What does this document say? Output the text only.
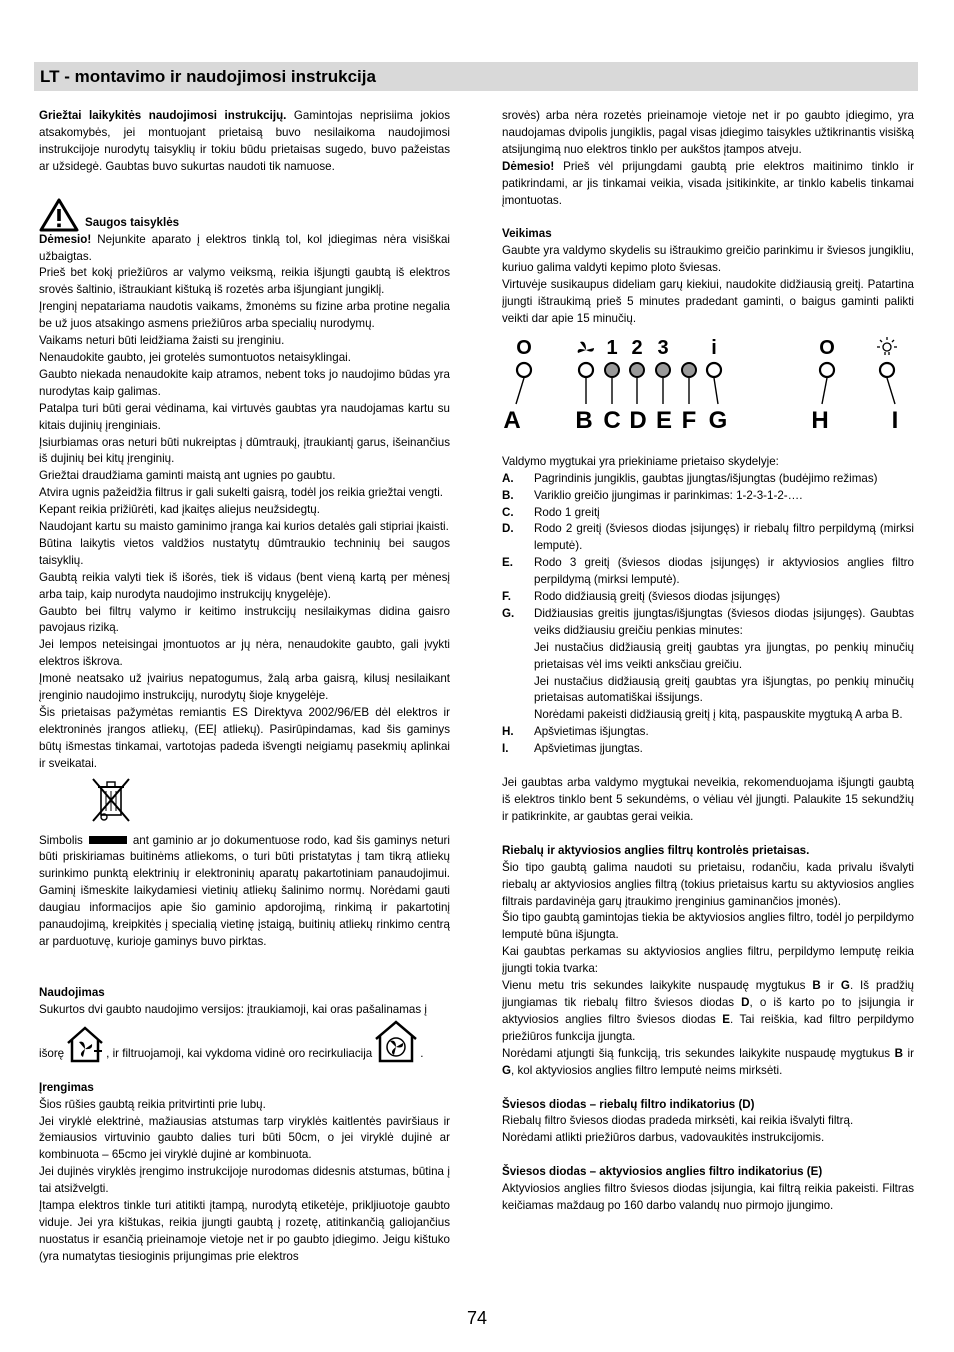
LT - montavimo ir naudojimosi instrukcija

Griežtai laikykitės naudojimosi instrukcijų. Gamintojas neprisiima jokios atsakomybės, jei montuojant prietaisą buvo nesilaikoma naudojimosi instrukcijoje nurodytų taisyklių ir tokiu būdu prietaisas sugedo, buvo pažeistas ar užsidegė. Gaubtas buvo sukurtas naudoti tik namuose.

Saugos taisyklės

Dėmesio! Nejunkite aparato į elektros tinklą tol, kol įdiegimas nėra visiškai užbaigtas.

Prieš bet kokį priežiūros ar valymo veiksmą, reikia išjungti gaubtą iš elektros srovės šaltinio, ištraukiant kištuką iš rozetės arba išjungiant jungiklį.

Įrenginį nepatariama naudotis vaikams, žmonėms su fizine arba protine negalia be už juos atsakingo asmens priežiūros arba specialių nurodymų.

Vaikams neturi būti leidžiama žaisti su įrenginiu.

Nenaudokite gaubto, jei grotelės sumontuotos netaisyklingai.

Gaubto niekada nenaudokite kaip atramos, nebent toks jo naudojimo būdas yra nurodytas kaip galimas.

Patalpa turi būti gerai vėdinama, kai virtuvės gaubtas yra naudojamas kartu su kitais dujinių įrenginiais.

Įsiurbiamas oras neturi būti nukreiptas į dūmtraukį, įtraukiantį garus, išeinančius iš dujinių bei kitų įrenginių.

Griežtai draudžiama gaminti maistą ant ugnies po gaubtu.

Atvira ugnis pažeidžia filtrus ir gali sukelti gaisrą, todėl jos reikia griežtai vengti.

Kepant reikia prižiūrėti, kad įkaitęs aliejus neužsidegtų.

Naudojant kartu su maisto gaminimo įranga kai kurios detalės gali stipriai įkaisti.

Būtina laikytis vietos valdžios nustatytų dūmtraukio techninių bei saugos taisyklių.

Gaubtą reikia valyti tiek iš išorės, tiek iš vidaus (bent vieną kartą per mėnesį arba taip, kaip nurodyta naudojimo instrukcijų knygelėje).

Gaubto bei filtrų valymo ir keitimo instrukcijų nesilaikymas didina gaisro pavojaus riziką.

Jei lempos neteisingai įmontuotos ar jų nėra, nenaudokite gaubto, gali įvykti elektros iškrova.

Įmonė neatsako už įvairius nepatogumus, žalą arba gaisrą, kilusį nesilaikant įrenginio naudojimo instrukcijų, nurodytų šioje knygelėje.

Šis prietaisas pažymėtas remiantis ES Direktyva 2002/96/EB dėl elektros ir elektroninės įrangos atliekų, (EEĮ atliekų). Pasirūpindamas, kad šis gaminys būtų išmestas tinkamai, vartotojas padeda išvengti neigiamų pasekmių aplinkai ir sveikatai.

Simbolis	ant gaminio ar jo dokumentuose rodo, kad šis gaminys neturi būti priskiriamas buitinėms atliekoms, o turi būti pristatytas į tam tikrą atliekų surinkimo punktą elektrinių ir elektroninių aparatų pakartotiniam panaudojimui. Gaminį išmeskite laikydamiesi vietinių atliekų šalinimo normų. Norėdami gauti daugiau informacijos apie šio gaminio apdorojimą, rinkimą ir pakartotinį panaudojimą, kreipkitės į specialią vietinę įstaigą, buitinių atliekų rinkimo centrą ar parduotuvę, kurioje gaminys buvo pirktas.

Naudojimas

Sukurtos dvi gaubto naudojimo versijos: įtraukiamoji, kai oras pašalinamas į

išorę	, ir filtruojamoji, kai vykdoma vidinė oro recirkuliacija	.

Įrengimas

Šios rūšies gaubtą reikia pritvirtinti prie lubų.

Jei viryklė elektrinė, mažiausias atstumas tarp viryklės kaitlentės paviršiaus ir žemiausios virtuvinio gaubto dalies turi būti 50cm, o jei viryklė dujinė ar kombinuota – 65cmo jei viryklė dujinė ar kombinuota.

Jei dujinės viryklės įrengimo instrukcijoje nurodomas didesnis atstumas, būtina į tai atsižvelgti.

Įtampa elektros tinkle turi atitikti įtampą, nurodytą etiketėje, prikljiuotoje gaubto viduje. Jei yra kištukas, reikia įjungti gaubtą į rozetę, atitinkančią galiojančius nuostatus ir esančią prieinamoje vietoje net ir po gaubto įdiegimo. Jeigu kištuko (yra numatytas tiesioginis prijungimas prie elektros

srovės) arba nėra rozetės prieinamoje vietoje net ir po gaubto įdiegimo, yra naudojamas dvipolis jungiklis, pagal visas įdiegimo taisykles užtikrinantis visišką atsijungimą nuo elektros tinklo per aukštos įtampos atveju.

Dėmesio! Prieš vėl prijungdami gaubtą prie elektros maitinimo tinklo ir patikrindami, ar jis tinkamai veikia, visada įsitikinkite, ar tinklo kabelis tinkamai įmontuotas.

Veikimas

Gaubte yra valdymo skydelis su ištraukimo greičio parinkimu ir šviesos jungikliu, kuriuo galima valdyti kepimo ploto šviesas.

Virtuvėje susikaupus dideliam garų kiekiui, naudokite didžiausią greitį. Patartina įjungti ištraukimą prieš 5 minutes pradedant gaminti, o baigus gaminti palikti veikti dar apie 15 minučių.

O	1 2 3 i	O
A B C D E F G	H	I

Valdymo mygtukai yra priekiniame prietaiso skydelyje:

A.	Pagrindinis jungiklis, gaubtas įjungtas/išjungtas (budėjimo režimas)
B.	Variklio greičio įjungimas ir parinkimas: 1-2-3-1-2-….
C.	Rodo 1 greitį
D.	Rodo 2 greitį (šviesos diodas įsijungęs) ir riebalų filtro perpildymą (mirksi lemputė).
E.	Rodo 3 greitį (šviesos diodas įsijungęs) ir aktyviosios anglies filtro perpildymą (mirksi lemputė).
F.	Rodo didžiausią greitį (šviesos diodas įsijungęs)
G.	Didžiausias greitis įjungtas/išjungtas (šviesos diodas įsijungęs). Gaubtas veiks didžiausiu greičiu penkias minutes:

Jei nustačius didžiausią greitį gaubtas yra įjungtas, po penkių minučių prietaisas vėl ims veikti anksčiau greičiu.

Jei nustačius didžiausią greitį gaubtas yra išjungtas, po penkių minučių prietaisas automatiškai išsijungs.

Norėdami pakeisti didžiausią greitį į kitą, paspauskite mygtuką A arba B.

H.	Apšvietimas išjungtas.
I.	Apšvietimas įjungtas.

Jei gaubtas arba valdymo mygtukai neveikia, rekomenduojama išjungti gaubtą iš elektros tinklo bent 5 sekundėms, o vėliau vėl įjungti. Palaukite 15 sekundžių ir patikrinkite, ar gaubtas gerai veikia.

Riebalų ir aktyviosios anglies filtrų kontrolės prietaisas.

Šio tipo gaubtą galima naudoti su prietaisu, rodančiu, kada privalu išvalyti riebalų ar aktyviosios anglies filtrą (tokius prietaisus kartu su aktyviosios anglies filtrais pardavinėja garų įtraukimo įrenginius gaminančios įmonės).

Šio tipo gaubtą gamintojas tiekia be aktyviosios anglies filtro, todėl jo perpildymo lemputė būna išjungta.

Kai gaubtas perkamas su aktyviosios anglies filtru, perpildymo lemputę reikia įjungti tokia tvarka:

Vienu metu tris sekundes laikykite nuspaudę mygtukus B ir G. Iš pradžių įjungiamas tik riebalų filtro šviesos diodas D, o iš karto po to įsijungia ir aktyviosios anglies filtro šviesos diodas E. Tai reiškia, kad filtro perpildymo priežiūros funkcija įjungta.

Norėdami atjungti šią funkciją, tris sekundes laikykite nuspaudę mygtukus B ir G, kol aktyviosios anglies filtro lemputė neims mirksėti.

Šviesos diodas – riebalų filtro indikatorius (D)

Riebalų filtro šviesos diodas pradeda mirksėti, kai reikia išvalyti filtrą.

Norėdami atlikti priežiūros darbus, vadovaukitės instrukcijomis.

Šviesos diodas – aktyviosios anglies filtro indikatorius (E)

Aktyviosios anglies filtro šviesos diodas įsijungia, kai filtrą reikia pakeisti. Filtras keičiamas maždaug po 160 darbo valandų nuo pirmojo įjungimo.

74
